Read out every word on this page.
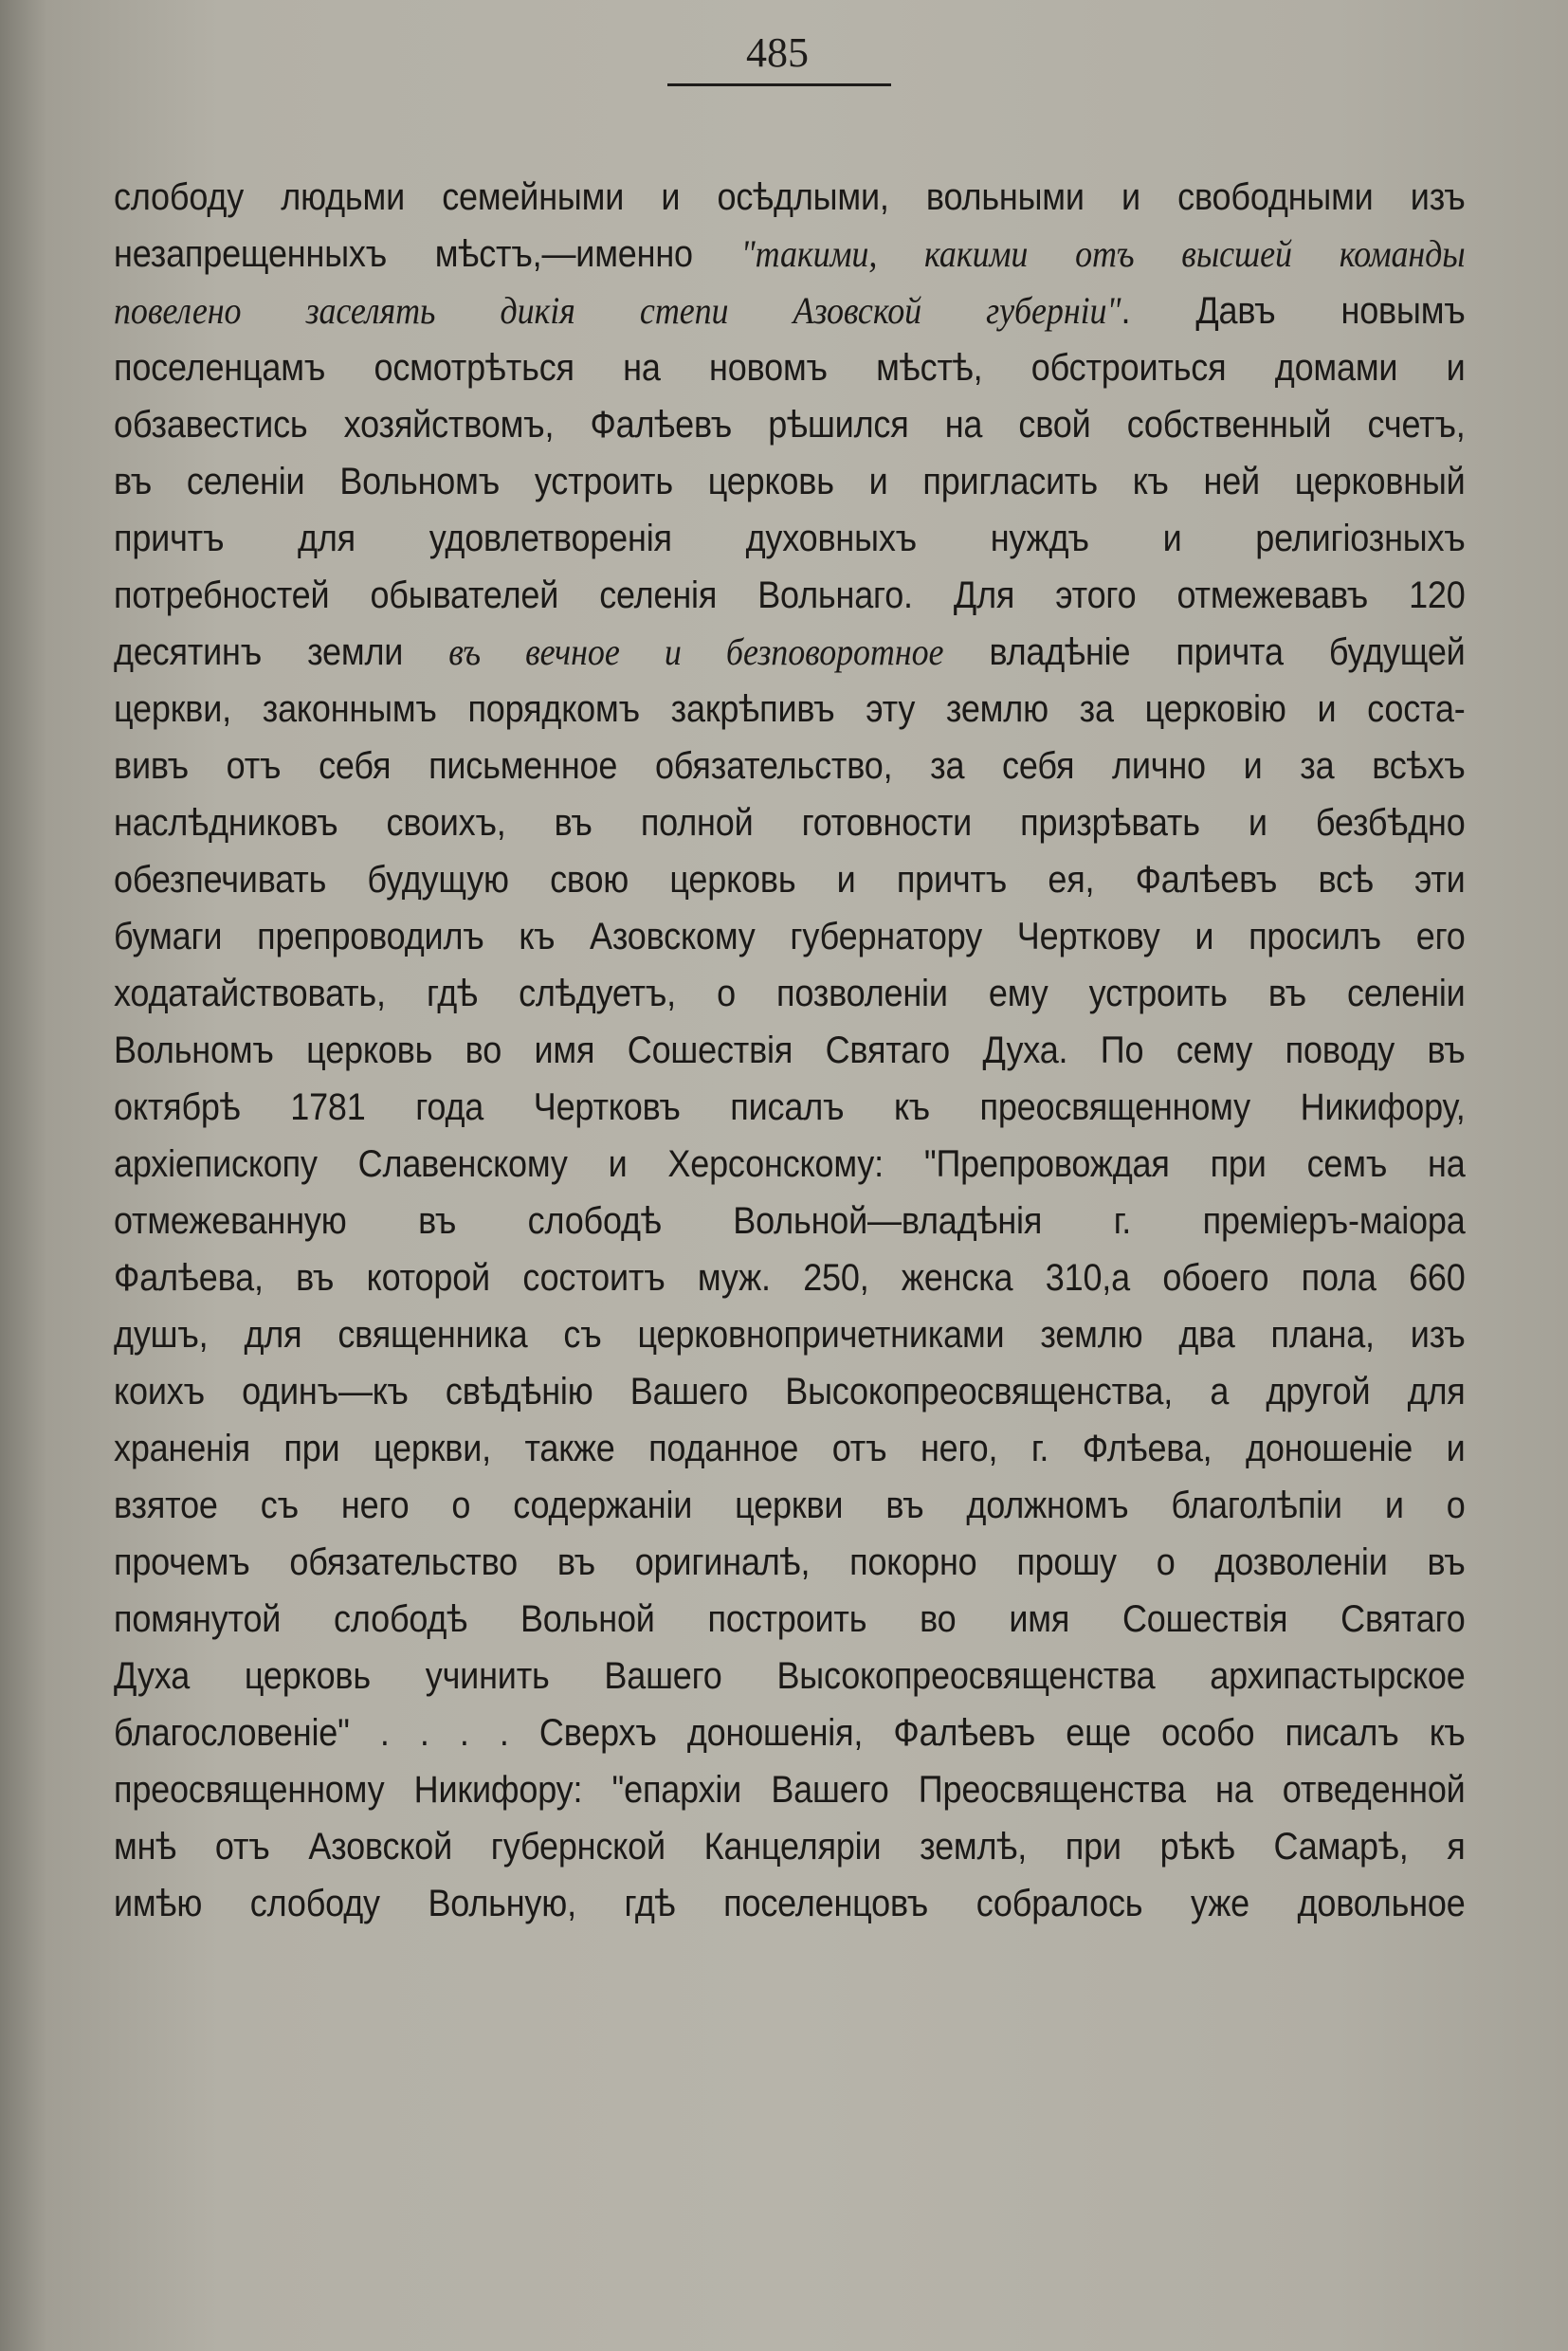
485
слободу людьми семейными и осѣдлыми, вольными и свободными изъ
незапрещенныхъ мѣстъ,—именно "такими, какими отъ высшей команды
повелено заселять дикія степи Азовской губерніи". Давъ новымъ
поселенцамъ осмотрѣться на новомъ мѣстѣ, обстроиться домами и
обзавестись хозяйствомъ, Фалѣевъ рѣшился на свой собственный счетъ,
въ селеніи Вольномъ устроить церковь и пригласить къ ней церковный
причтъ для удовлетворенія духовныхъ нуждъ и религіозныхъ
потребностей обывателей селенія Вольнаго. Для этого отмежевавъ 120
десятинъ земли въ вечное и безповоротное владѣніе причта будущей
церкви, законнымъ порядкомъ закрѣпивъ эту землю за церковію и соста-
вивъ отъ себя письменное обязательство, за себя лично и за всѣхъ
наслѣдниковъ своихъ, въ полной готовности призрѣвать и безбѣдно
обезпечивать будущую свою церковь и причтъ ея, Фалѣевъ всѣ эти
бумаги препроводилъ къ Азовскому губернатору Черткову и просилъ его
ходатайствовать, гдѣ слѣдуетъ, о позволеніи ему устроить въ селеніи
Вольномъ церковь во имя Сошествія Святаго Духа. По сему поводу въ
октябрѣ 1781 года Чертковъ писалъ къ преосвященному Никифору,
архіепископу Славенскому и Херсонскому: "Препровождая при семъ на
отмежеванную въ слободѣ Вольной—владѣнія г. преміеръ-маіора
Фалѣева, въ которой состоитъ муж. 250, женска 310,а обоего пола 660
душъ, для священника съ церковнопричетниками землю два плана, изъ
коихъ одинъ—къ свѣдѣнію Вашего Высокопреосвященства, а другой для
храненія при церкви, также поданное отъ него, г. Флѣева, доношеніе и
взятое съ него о содержаніи церкви въ должномъ благолѣпіи и о
прочемъ обязательство въ оригиналѣ, покорно прошу о дозволеніи въ
помянутой слободѣ Вольной построить во имя Сошествія Святаго
Духа церковь учинить Вашего Высокопреосвященства архипастырское
благословеніе" . . . . Сверхъ доношенія, Фалѣевъ еще особо писалъ къ
преосвященному Никифору: "епархіи Вашего Преосвященства на отведенной
мнѣ отъ Азовской губернской Канцеляріи землѣ, при рѣкѣ Самарѣ, я
имѣю слободу Вольную, гдѣ поселенцовъ собралось уже довольное
